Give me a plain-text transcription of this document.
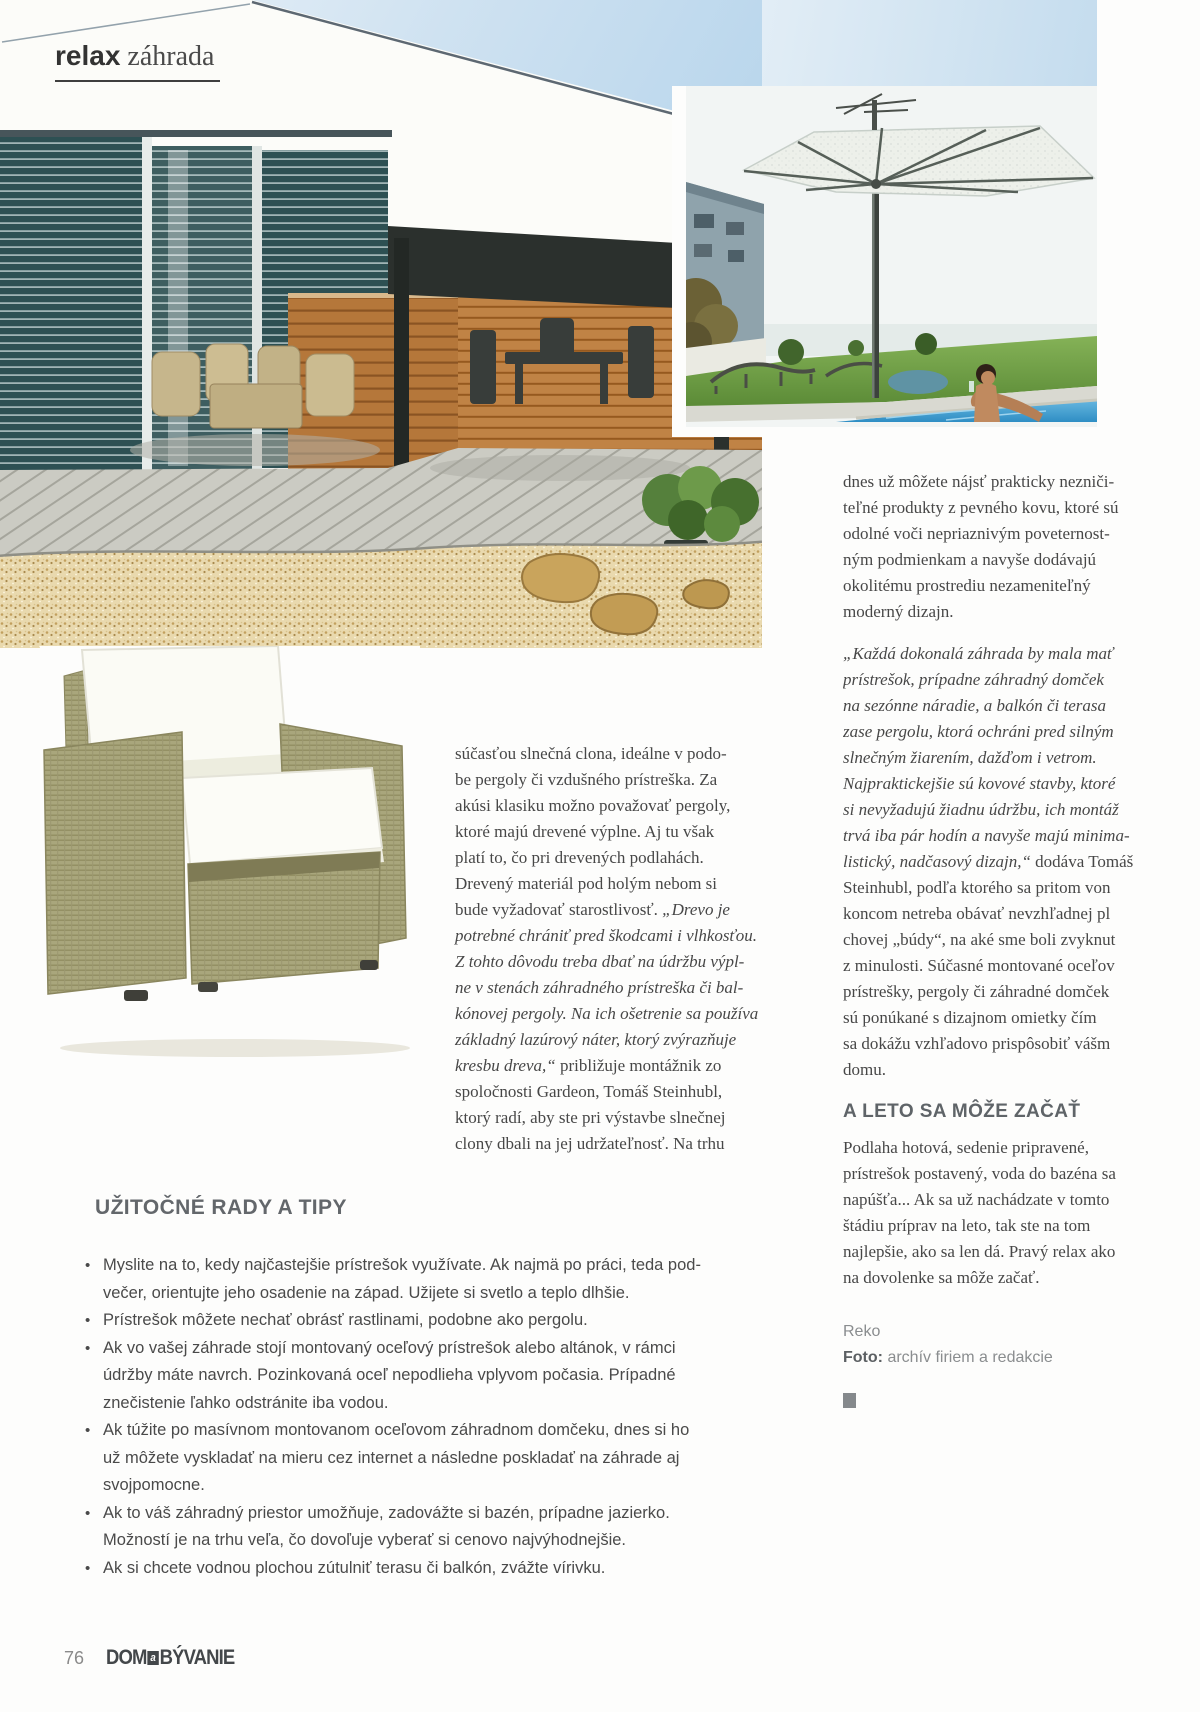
relax záhrada
súčasťou slnečná clona, ideálne v podo-
be pergoly či vzdušného prístreška. Za
akúsi klasiku možno považovať pergoly,
ktoré majú drevené výplne. Aj tu však
platí to, čo pri drevených podlahách.
Drevený materiál pod holým nebom si
bude vyžadovať starostlivosť. „Drevo je
potrebné chrániť pred škodcami i vlhkosťou.
Z tohto dôvodu treba dbať na údržbu výpl-
ne v stenách záhradného prístreška či bal-
kónovej pergoly. Na ich ošetrenie sa používa
základný lazúrový náter, ktorý zvýrazňuje
kresbu dreva,“ približuje montážnik zo
spoločnosti Gardeon, Tomáš Steinhubl,
ktorý radí, aby ste pri výstavbe slnečnej
clony dbali na jej udržateľnosť. Na trhu
dnes už môžete nájsť prakticky nezniči-
teľné produkty z pevného kovu, ktoré sú
odolné voči nepriaznivým poveternost-
ným podmienkam a navyše dodávajú
okolitému prostrediu nezameniteľný
moderný dizajn.
„Každá dokonalá záhrada by mala mať
prístrešok, prípadne záhradný domček
na sezónne náradie, a balkón či terasa
zase pergolu, ktorá ochráni pred silným
slnečným žiarením, dažďom i vetrom.
Najpraktickejšie sú kovové stavby, ktoré
si nevyžadujú žiadnu údržbu, ich montáž
trvá iba pár hodín a navyše majú minima-
listický, nadčasový dizajn,“ dodáva Tomáš
Steinhubl, podľa ktorého sa pritom von
koncom netreba obávať nevzhľadnej pl
chovej „búdy“, na aké sme boli zvyknut
z minulosti. Súčasné montované oceľov
prístrešky, pergoly či záhradné domček
sú ponúkané s dizajnom omietky čím
sa dokážu vzhľadovo prispôsobiť vášm
domu.
A LETO SA MÔŽE ZAČAŤ
Podlaha hotová, sedenie pripravené,
prístrešok postavený, voda do bazéna sa
napúšťa... Ak sa už nachádzate v tomto
štádiu príprav na leto, tak ste na tom
najlepšie, ako sa len dá. Pravý relax ako
na dovolenke sa môže začať.
Reko
Foto: archív firiem a redakcie
UŽITOČNÉ RADY A TIPY
• Myslite na to, kedy najčastejšie prístrešok využívate. Ak najmä po práci, teda pod-
večer, orientujte jeho osadenie na západ. Užijete si svetlo a teplo dlhšie.
• Prístrešok môžete nechať obrásť rastlinami, podobne ako pergolu.
• Ak vo vašej záhrade stojí montovaný oceľový prístrešok alebo altánok, v rámci
údržby máte navrch. Pozinkovaná oceľ nepodlieha vplyvom počasia. Prípadné
znečistenie ľahko odstránite iba vodou.
• Ak túžite po masívnom montovanom oceľovom záhradnom domčeku, dnes si ho
už môžete vyskladať na mieru cez internet a následne poskladať na záhrade aj
svojpomocne.
• Ak to váš záhradný priestor umožňuje, zadovážte si bazén, prípadne jazierko.
Možností je na trhu veľa, čo dovoľuje vyberať si cenovo najvýhodnejšie.
• Ak si chcete vodnou plochou zútulniť terasu či balkón, zvážte vírivku.
76 DOM a BÝVANIE
